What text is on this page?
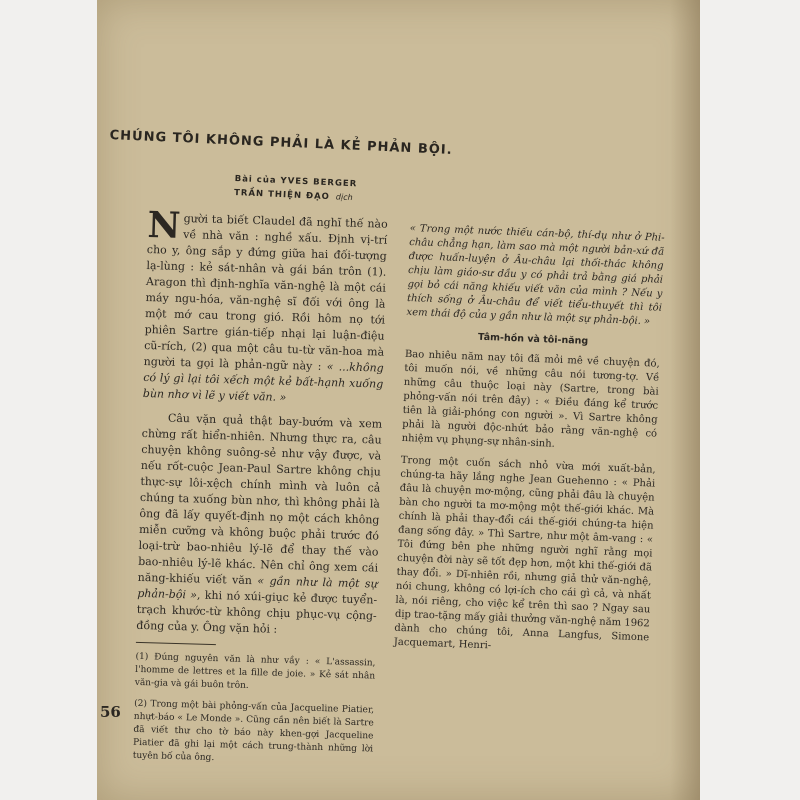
CHÚNG TÔI KHÔNG PHẢI LÀ KẺ PHẢN BỘI.
Bài của YVES BERGER
TRẦN THIỆN ĐẠO dịch

Người ta biết Claudel đã nghĩ thế nào về nhà văn : nghề xấu. Định vị-trí cho y, ông sắp y đứng giữa hai đối-tượng lạ-lùng : kẻ sát-nhân và gái bán trôn (1). Aragon thì định-nghĩa văn-nghệ là một cái máy ngu-hóa, văn-nghệ sĩ đối với ông là một mớ cau trong gió. Rồi hôm nọ tới phiên Sartre gián-tiếp nhại lại luận-điệu cũ-rích, (2) qua một câu tu-từ văn-hoa mà người ta gọi là phản-ngữ này : « ...không có lý gì lại tôi xếch một kẻ bất-hạnh xuống bùn nhơ vì lẽ y viết văn. »

Câu vặn quả thật bay-bướm và xem chừng rất hiển-nhiên. Nhưng thực ra, câu chuyện không suông-sẻ như vậy được, và nếu rốt-cuộc Jean-Paul Sartre không chịu thực-sự lôi-xệch chính mình và luôn cả chúng ta xuống bùn nhơ, thì không phải là ông đã lấy quyết-định nọ một cách không miễn cưỡng và không buộc phải trước đó loại-trừ bao-nhiêu lý-lẽ để thay thế vào bao-nhiêu lý-lẽ khác. Nên chỉ ông xem cái năng-khiếu viết văn « gần như là một sự phản-bội », khi nó xúi-giục kẻ được tuyển-trạch khước-từ không chịu phục-vụ cộng-đồng của y. Ông vặn hỏi :

(1) Đúng nguyên văn là như vầy : « L'assassin, l'homme de lettres et la fille de joie. » Kẻ sát nhân văn-gia và gái buôn trôn.

(2) Trong một bài phỏng-vấn của Jacqueline Piatier, nhựt-báo « Le Monde ». Cũng cần nên biết là Sartre đã viết thư cho tờ báo này khen-gợi Jacqueline Piatier đã ghi lại một cách trung-thành những lời tuyên bố của ông.

« Trong một nước thiếu cán-bộ, thí-dụ như ở Phi-châu chẳng hạn, làm sao mà một người bản-xứ đã được huấn-luyện ở Âu-châu lại thối-thác không chịu làm giáo-sư dầu y có phải trả bằng giá phải gọi bỏ cái năng khiếu viết văn của mình ? Nếu y thích sống ở Âu-châu để viết tiểu-thuyết thì tôi xem thái độ của y gần như là một sự phản-bội. »

Tâm-hồn và tôi-năng

Bao nhiêu năm nay tôi đã mỏi mê về chuyện đó, tôi muốn nói, về những câu nói tương-tợ. Về những câu thuộc loại này (Sartre, trong bài phỏng-vấn nói trên đây) : « Điều đáng kể trước tiên là giải-phóng con người ». Vì Sartre không phải là người độc-nhứt bảo rằng văn-nghệ có nhiệm vụ phụng-sự nhân-sinh.

Trong một cuốn sách nhỏ vừa mới xuất-bản, chúng-ta hãy lắng nghe Jean Guehenno : « Phải đâu là chuyện mơ-mộng, cũng phải đâu là chuyện bàn cho người ta mơ-mộng một thế-giới khác. Mà chính là phải thay-đổi cái thế-giới chúng-ta hiện đang sống đây. » Thì Sartre, như một âm-vang : « Tôi đứng bên phe những người nghĩ rằng mọi chuyện đời này sẽ tốt đẹp hơn, một khi thế-giới đã thay đổi. » Dĩ-nhiên rồi, nhưng giả thử văn-nghệ, nói chung, không có lợi-ích cho cái gì cả, và nhất là, nói riêng, cho việc kể trên thì sao ? Ngay sau dịp trao-tặng mấy giải thưởng văn-nghệ năm 1962 dành cho chúng tôi, Anna Langfus, Simone Jacquemart, Henri-

56
